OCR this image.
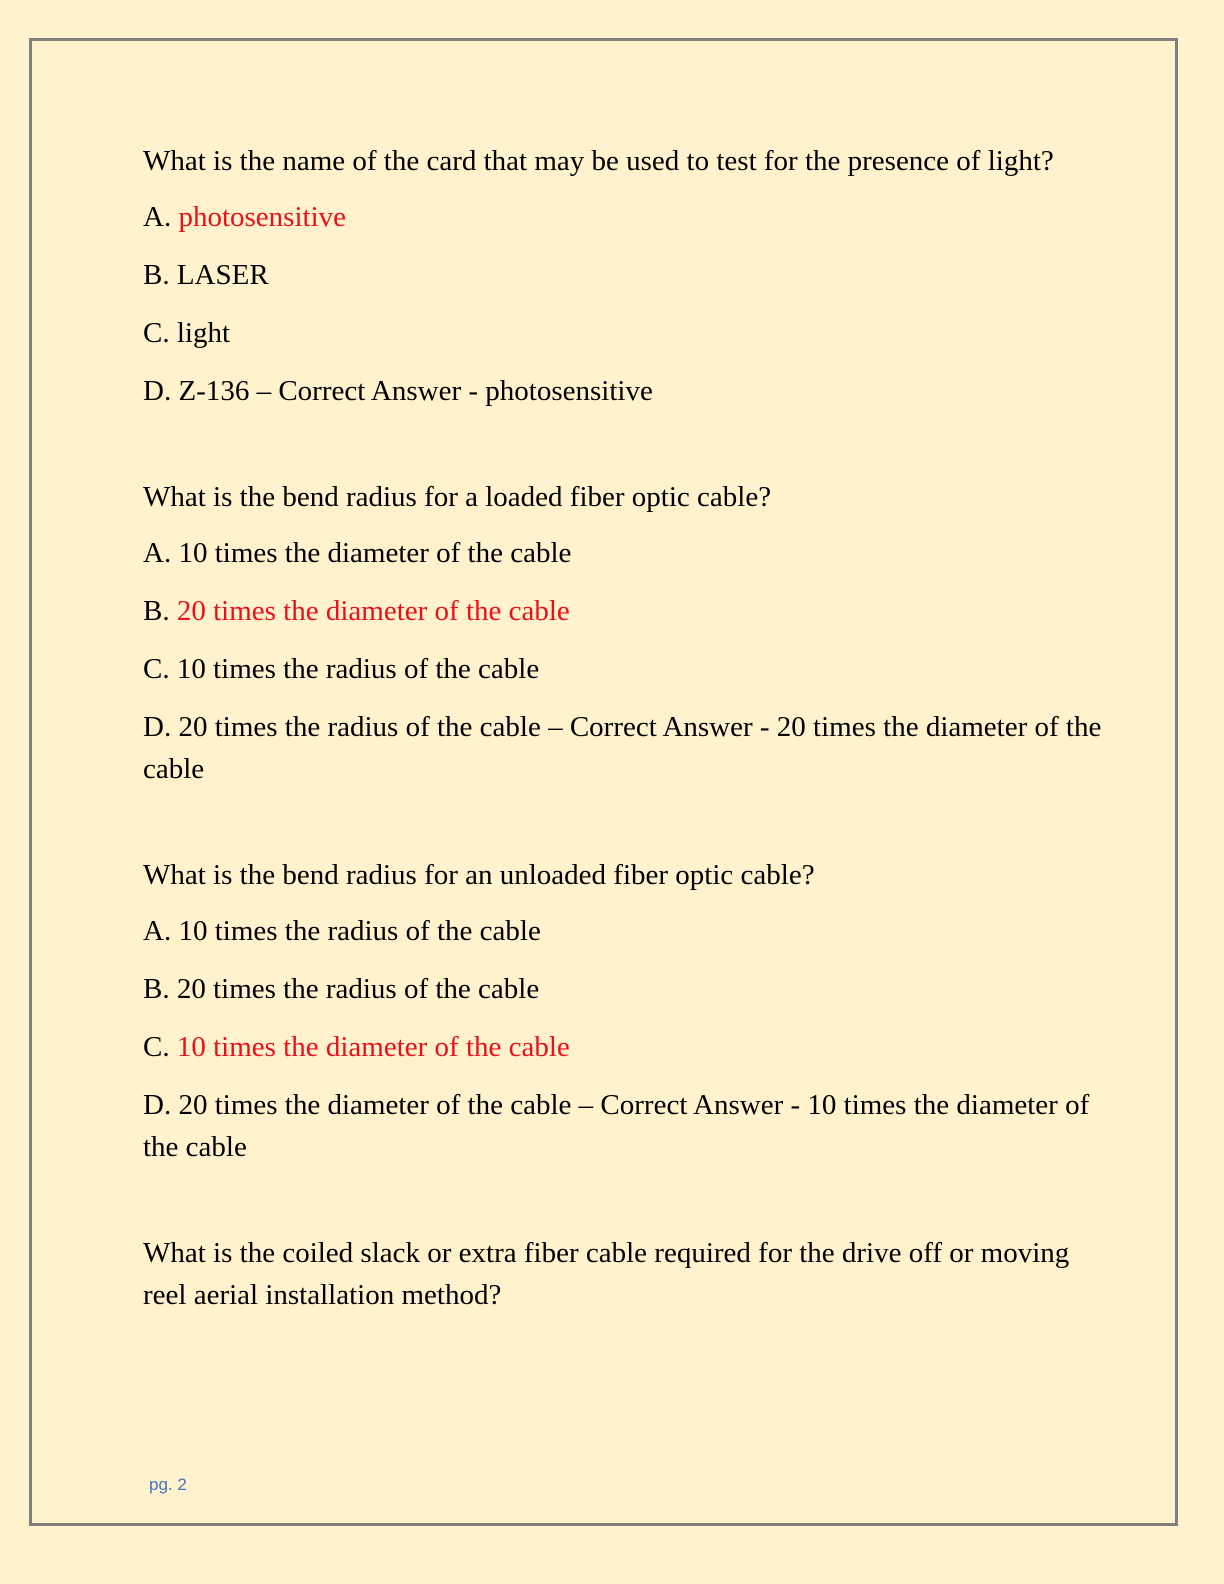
What is the name of the card that may be used to test for the presence of light?
A. photosensitive
B. LASER
C. light
D. Z-136 – Correct Answer - photosensitive
What is the bend radius for a loaded fiber optic cable?
A. 10 times the diameter of the cable
B. 20 times the diameter of the cable
C. 10 times the radius of the cable
D. 20 times the radius of the cable – Correct Answer - 20 times the diameter of the cable
What is the bend radius for an unloaded fiber optic cable?
A. 10 times the radius of the cable
B. 20 times the radius of the cable
C. 10 times the diameter of the cable
D. 20 times the diameter of the cable – Correct Answer - 10 times the diameter of the cable
What is the coiled slack or extra fiber cable required for the drive off or moving reel aerial installation method?
pg. 2
